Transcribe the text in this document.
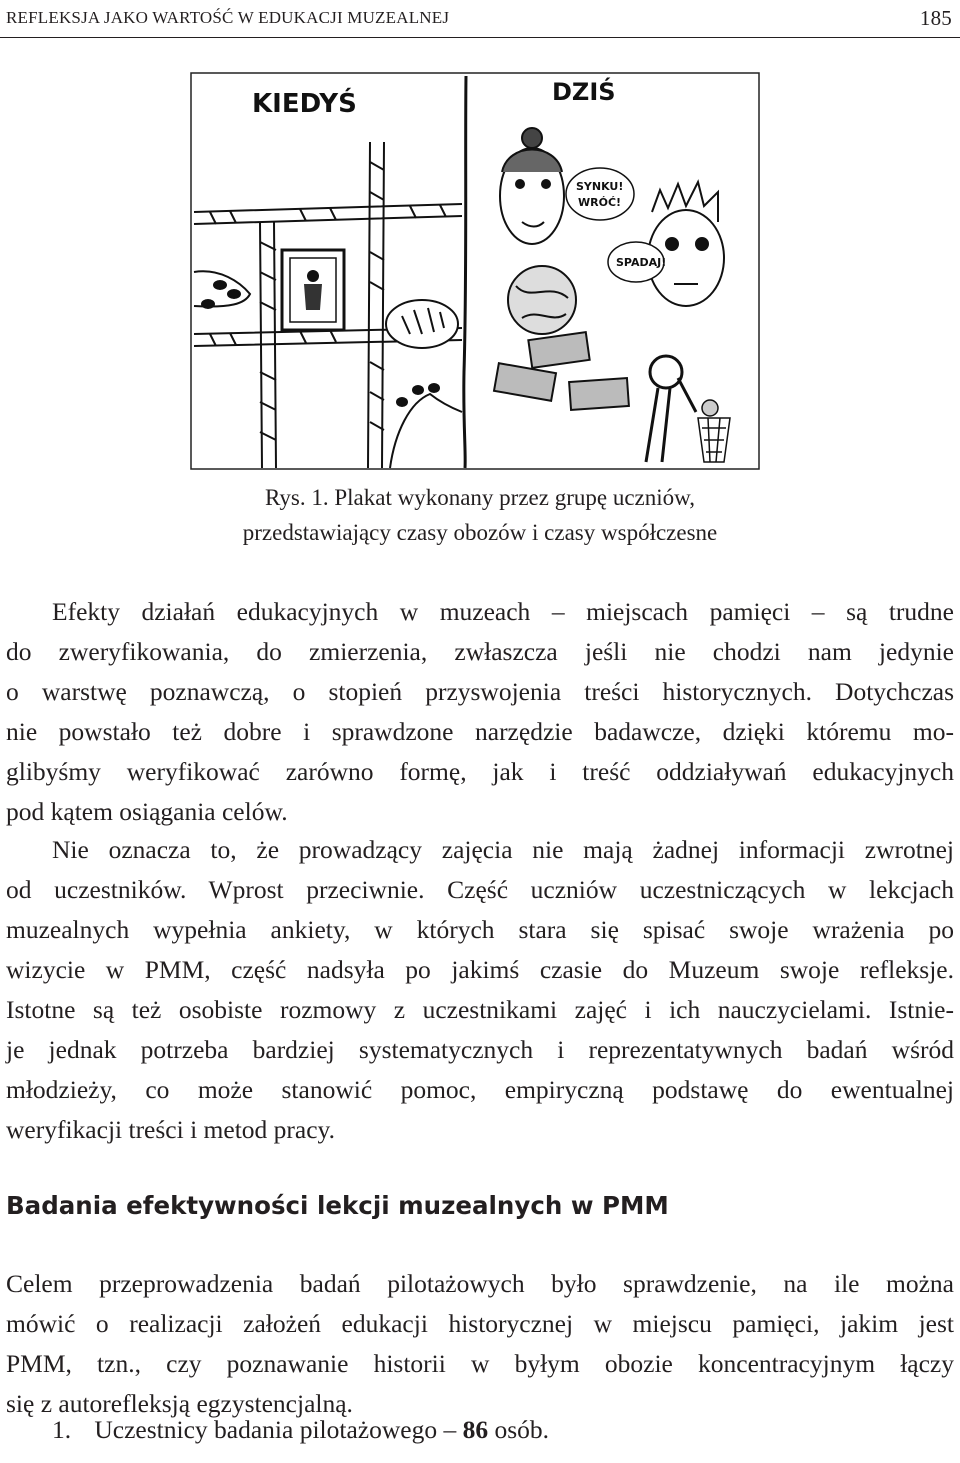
REFLEKSJA JAKO WARTOŚĆ W EDUKACJI MUZEALNEJ	185
KIEDYŚ	DZIŚ
SYNKU!
WRÓĆ!
SPADAJ!
Rys. 1. Plakat wykonany przez grupę uczniów,
przedstawiający czasy obozów i czasy współczesne
Efekty działań edukacyjnych w muzeach – miejscach pamięci – są trudne
do zweryfikowania, do zmierzenia, zwłaszcza jeśli nie chodzi nam jedynie
o warstwę poznawczą, o stopień przyswojenia treści historycznych. Dotychczas
nie powstało też dobre i sprawdzone narzędzie badawcze, dzięki któremu mo-
glibyśmy weryfikować zarówno formę, jak i treść oddziaływań edukacyjnych
pod kątem osiągania celów.
Nie oznacza to, że prowadzący zajęcia nie mają żadnej informacji zwrotnej
od uczestników. Wprost przeciwnie. Część uczniów uczestniczących w lekcjach
muzealnych wypełnia ankiety, w których stara się spisać swoje wrażenia po
wizycie w PMM, część nadsyła po jakimś czasie do Muzeum swoje refleksje.
Istotne są też osobiste rozmowy z uczestnikami zajęć i ich nauczycielami. Istnie-
je jednak potrzeba bardziej systematycznych i reprezentatywnych badań wśród
młodzieży, co może stanowić pomoc, empiryczną podstawę do ewentualnej
weryfikacji treści i metod pracy.
Badania efektywności lekcji muzealnych w PMM
Celem przeprowadzenia badań pilotażowych było sprawdzenie, na ile można
mówić o realizacji założeń edukacji historycznej w miejscu pamięci, jakim jest
PMM, tzn., czy poznawanie historii w byłym obozie koncentracyjnym łączy
się z autorefleksją egzystencjalną.
1. Uczestnicy badania pilotażowego – 86 osób.
